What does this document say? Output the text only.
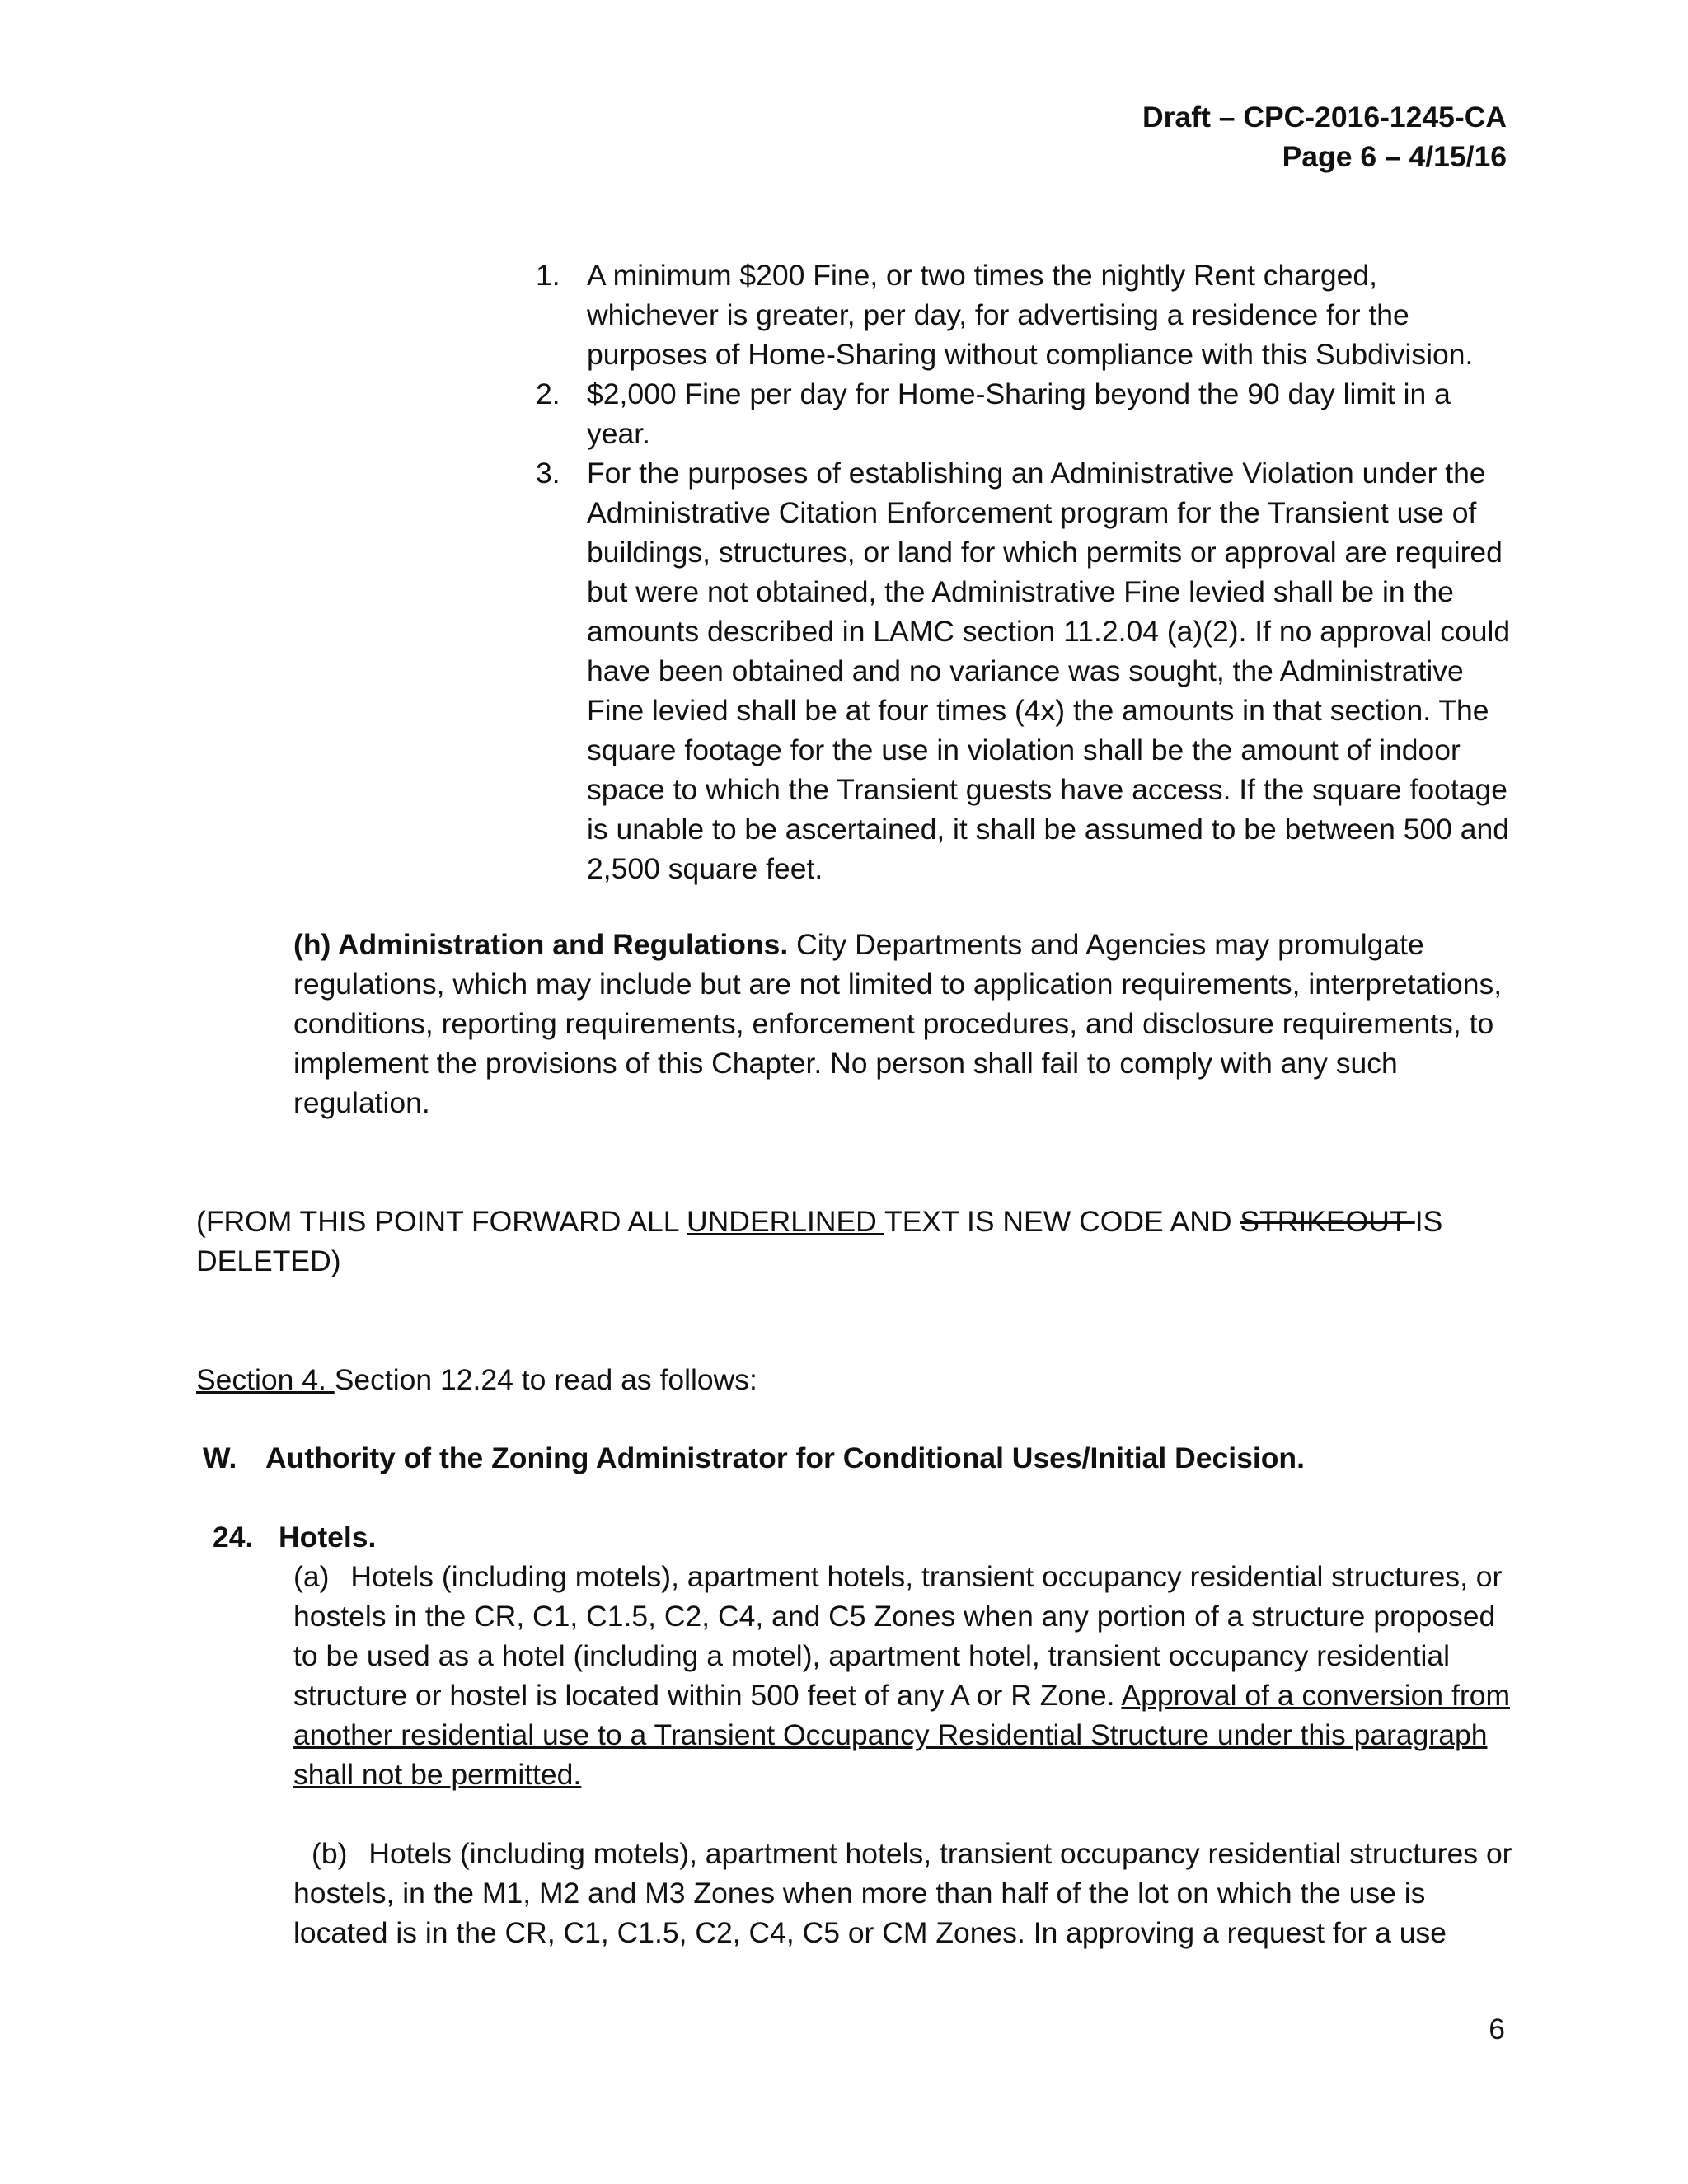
Draft – CPC-2016-1245-CA
Page 6 – 4/15/16
1. A minimum $200 Fine, or two times the nightly Rent charged, whichever is greater, per day, for advertising a residence for the purposes of Home-Sharing without compliance with this Subdivision.
2. $2,000 Fine per day for Home-Sharing beyond the 90 day limit in a year.
3. For the purposes of establishing an Administrative Violation under the Administrative Citation Enforcement program for the Transient use of buildings, structures, or land for which permits or approval are required but were not obtained, the Administrative Fine levied shall be in the amounts described in LAMC section 11.2.04 (a)(2). If no approval could have been obtained and no variance was sought, the Administrative Fine levied shall be at four times (4x) the amounts in that section. The square footage for the use in violation shall be the amount of indoor space to which the Transient guests have access. If the square footage is unable to be ascertained, it shall be assumed to be between 500 and 2,500 square feet.

(h) Administration and Regulations. City Departments and Agencies may promulgate regulations, which may include but are not limited to application requirements, interpretations, conditions, reporting requirements, enforcement procedures, and disclosure requirements, to implement the provisions of this Chapter. No person shall fail to comply with any such regulation.

(FROM THIS POINT FORWARD ALL UNDERLINED TEXT IS NEW CODE AND STRIKEOUT IS DELETED)

Section 4. Section 12.24 to read as follows:

W. Authority of the Zoning Administrator for Conditional Uses/Initial Decision.
24. Hotels.

(a) Hotels (including motels), apartment hotels, transient occupancy residential structures, or hostels in the CR, C1, C1.5, C2, C4, and C5 Zones when any portion of a structure proposed to be used as a hotel (including a motel), apartment hotel, transient occupancy residential structure or hostel is located within 500 feet of any A or R Zone. Approval of a conversion from another residential use to a Transient Occupancy Residential Structure under this paragraph shall not be permitted.

(b) Hotels (including motels), apartment hotels, transient occupancy residential structures or hostels, in the M1, M2 and M3 Zones when more than half of the lot on which the use is located is in the CR, C1, C1.5, C2, C4, C5 or CM Zones. In approving a request for a use

6
